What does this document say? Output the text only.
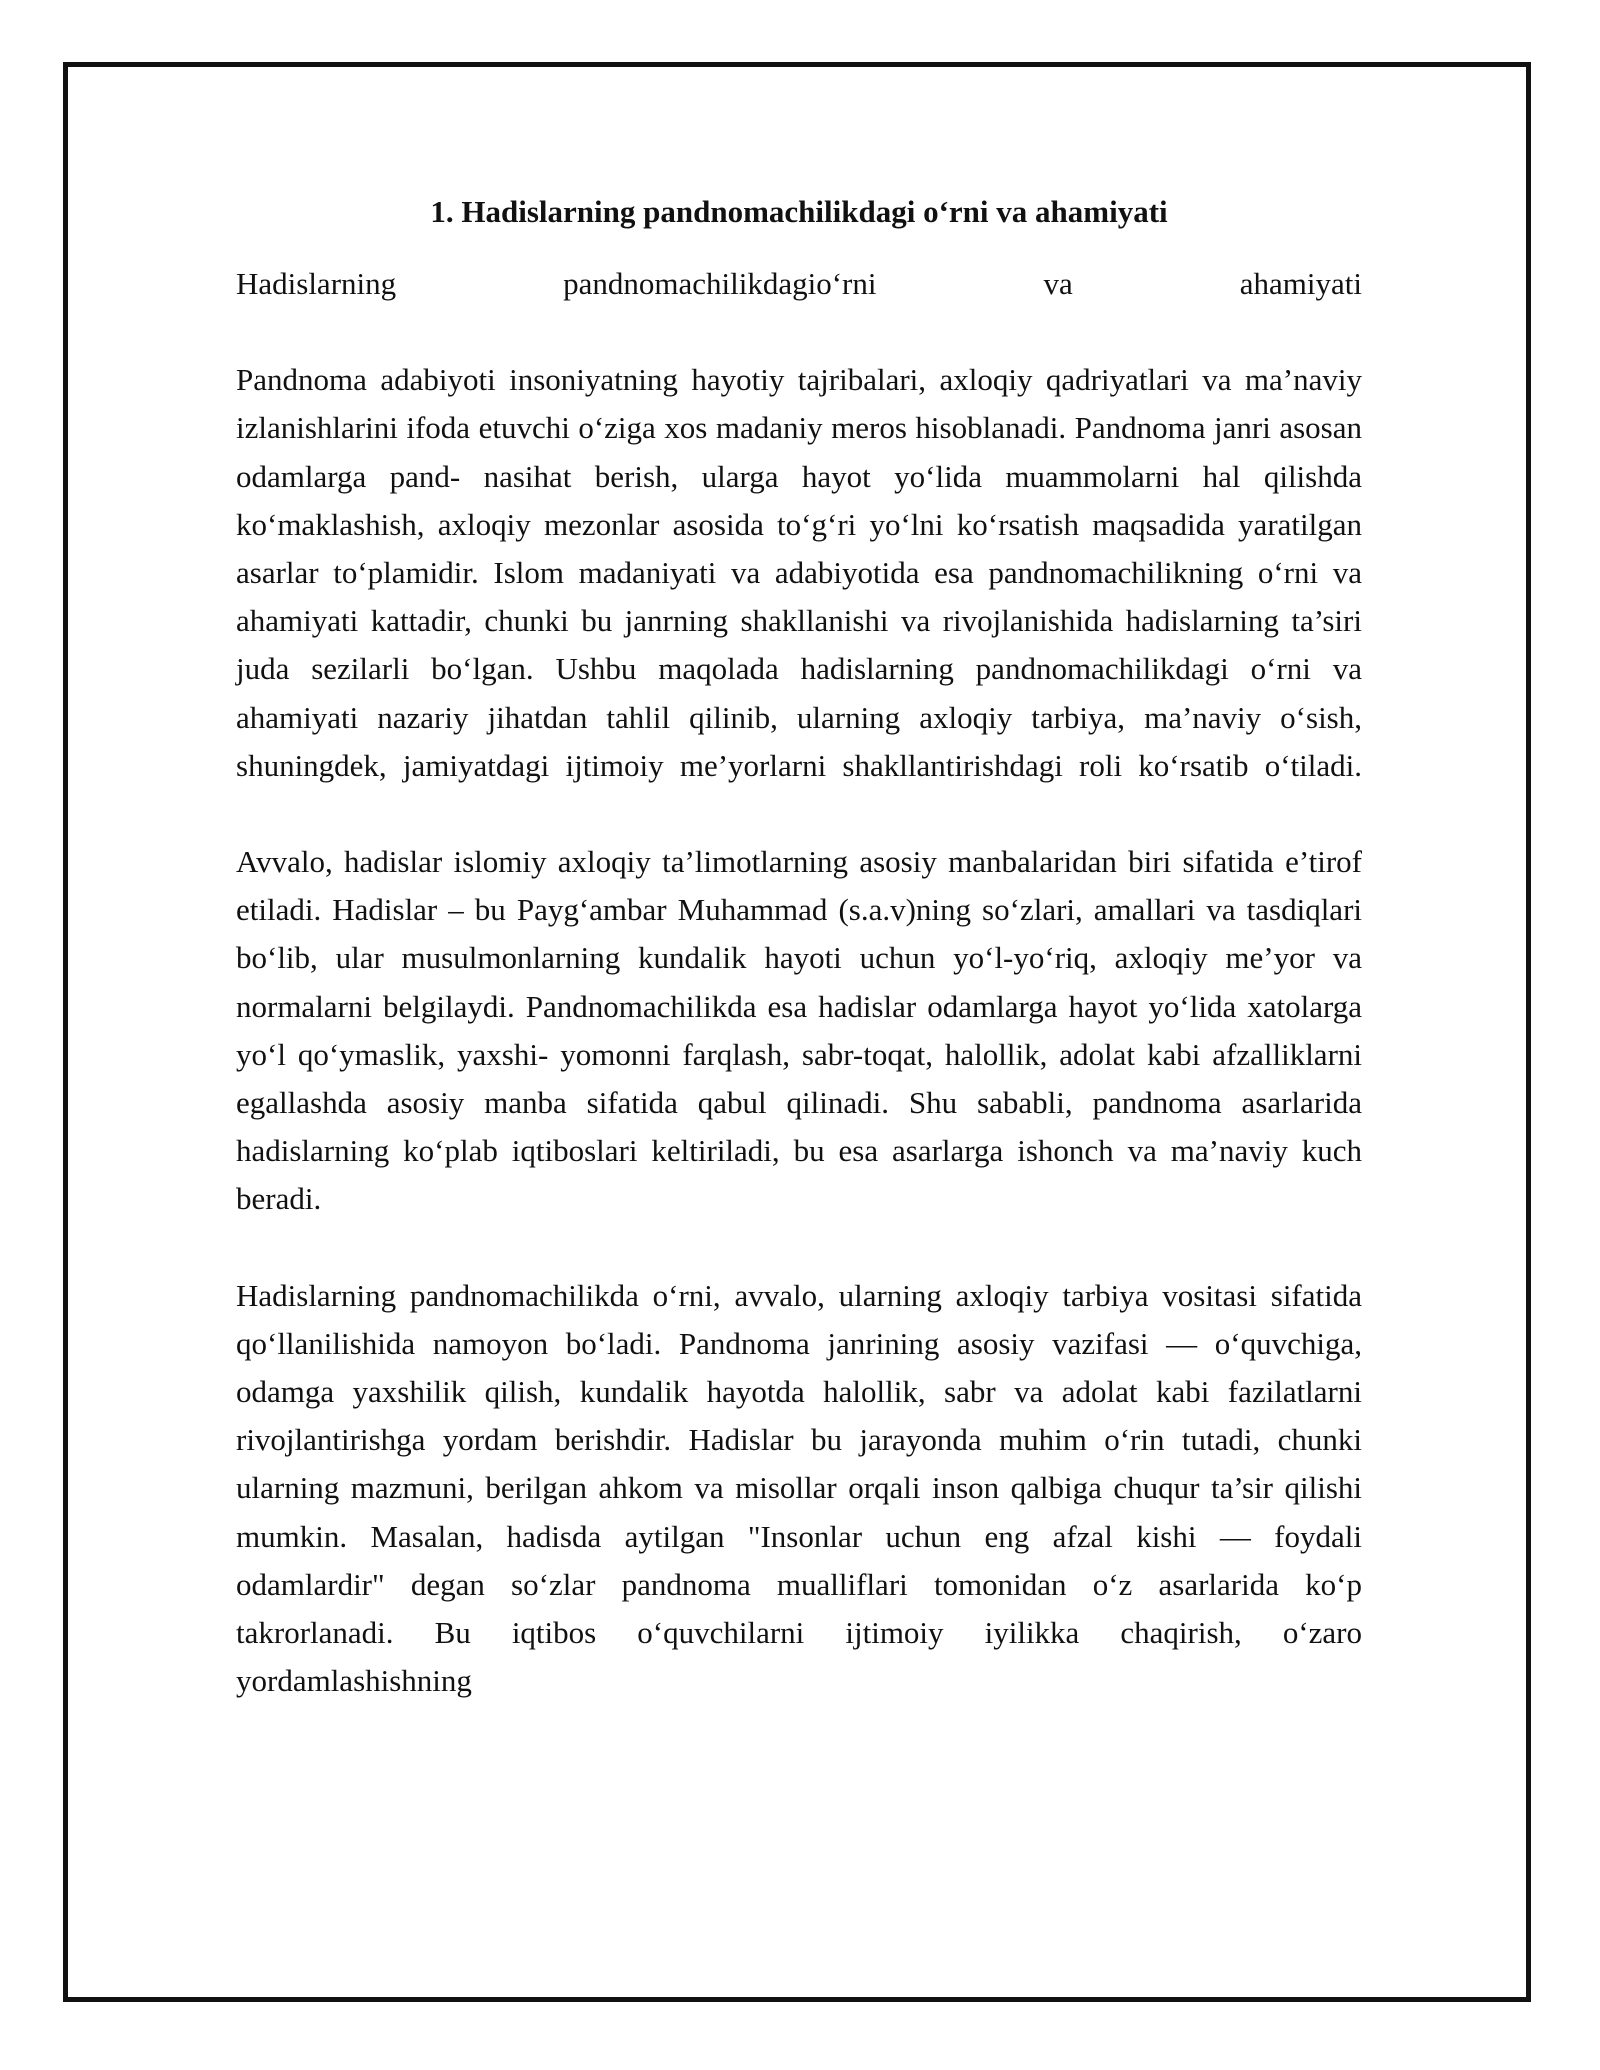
1. Hadislarning pandnomachilikdagi o‘rni va ahamiyati

Hadislarning pandnomachilikdagio‘rni va ahamiyati

Pandnoma adabiyoti insoniyatning hayotiy tajribalari, axloqiy qadriyatlari va ma’naviy izlanishlarini ifoda etuvchi o‘ziga xos madaniy meros hisoblanadi. Pandnoma janri asosan odamlarga pand- nasihat berish, ularga hayot yo‘lida muammolarni hal qilishda ko‘maklashish, axloqiy mezonlar asosida to‘g‘ri yo‘lni ko‘rsatish maqsadida yaratilgan asarlar to‘plamidir. Islom madaniyati va adabiyotida esa pandnomachilikning o‘rni va ahamiyati kattadir, chunki bu janrning shakllanishi va rivojlanishida hadislarning ta’siri juda sezilarli bo‘lgan. Ushbu maqolada hadislarning pandnomachilikdagi o‘rni va ahamiyati nazariy jihatdan tahlil qilinib, ularning axloqiy tarbiya, ma’naviy o‘sish, shuningdek, jamiyatdagi ijtimoiy me’yorlarni shakllantirishdagi roli ko‘rsatib o‘tiladi.

Avvalo, hadislar islomiy axloqiy ta’limotlarning asosiy manbalaridan biri sifatida e’tirof etiladi. Hadislar – bu Payg‘ambar Muhammad (s.a.v)ning so‘zlari, amallari va tasdiqlari bo‘lib, ular musulmonlarning kundalik hayoti uchun yo‘l-yo‘riq, axloqiy me’yor va normalarni belgilaydi. Pandnomachilikda esa hadislar odamlarga hayot yo‘lida xatolarga yo‘l qo‘ymaslik, yaxshi- yomonni farqlash, sabr-toqat, halollik, adolat kabi afzalliklarni egallashda asosiy manba sifatida qabul qilinadi. Shu sababli, pandnoma asarlarida hadislarning ko‘plab iqtiboslari keltiriladi, bu esa asarlarga ishonch va ma’naviy kuch beradi.

Hadislarning pandnomachilikda o‘rni, avvalo, ularning axloqiy tarbiya vositasi sifatida qo‘llanilishida namoyon bo‘ladi. Pandnoma janrining asosiy vazifasi — o‘quvchiga, odamga yaxshilik qilish, kundalik hayotda halollik, sabr va adolat kabi fazilatlarni rivojlantirishga yordam berishdir. Hadislar bu jarayonda muhim o‘rin tutadi, chunki ularning mazmuni, berilgan ahkom va misollar orqali inson qalbiga chuqur ta’sir qilishi mumkin. Masalan, hadisda aytilgan "Insonlar uchun eng afzal kishi — foydali odamlardir" degan so‘zlar pandnoma mualliflari tomonidan o‘z asarlarida ko‘p takrorlanadi. Bu iqtibos o‘quvchilarni ijtimoiy iyilikka chaqirish, o‘zaro yordamlashishning
